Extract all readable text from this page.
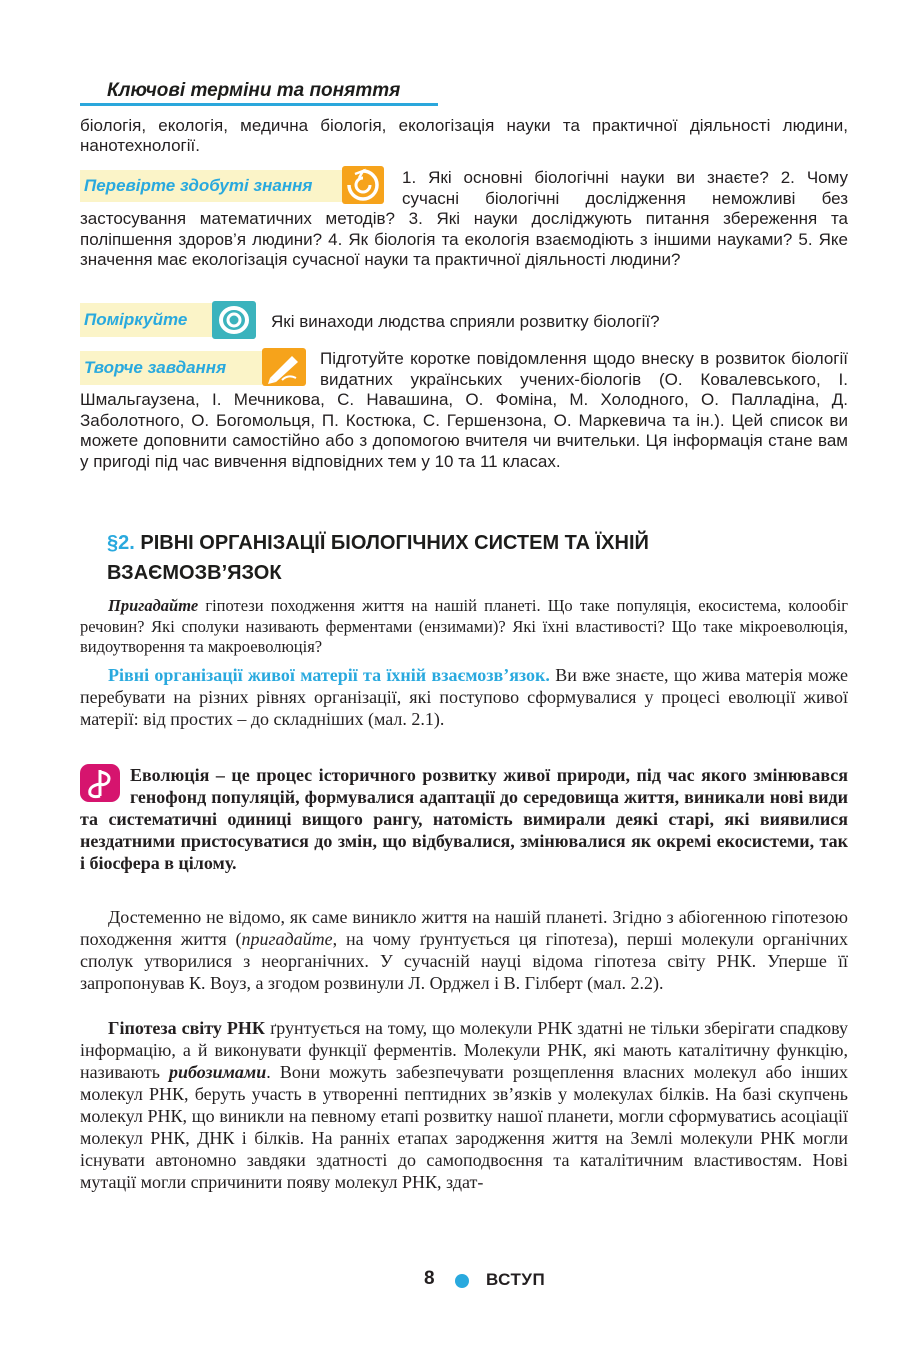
Ключові терміни та поняття
біологія, екологія, медична біологія, екологізація науки та практичної діяльності людини, нанотехнології.
Перевірте здобуті знання	1. Які основні біологічні науки ви знаєте? 2. Чому сучасні біологічні дослідження неможливі без застосування математичних методів? 3. Які науки досліджують питання збереження та поліпшення здоров’я людини? 4. Як біологія та екологія взаємодіють з іншими науками? 5. Яке значення має екологізація сучасної науки та практичної діяльності людини?
Поміркуйте	Які винаходи людства сприяли розвитку біології?
Творче завдання	Підготуйте коротке повідомлення щодо внеску в розвиток біології видатних українських учених-біологів (О. Ковалевського, І. Шмальгаузена, І. Мечникова, С. Навашина, О. Фоміна, М. Холодного, О. Палладіна, Д. Заболотного, О. Богомольця, П. Костюка, С. Гершензона, О. Маркевича та ін.). Цей список ви можете доповнити самостійно або з допомогою вчителя чи вчительки. Ця інформація стане вам у пригоді під час вивчення відповідних тем у 10 та 11 класах.
§2. РІВНІ ОРГАНІЗАЦІЇ БІОЛОГІЧНИХ СИСТЕМ ТА ЇХНІЙ
ВЗАЄМОЗВ’ЯЗОК
Пригадайте гіпотези походження життя на нашій планеті. Що таке популяція, екосистема, колообіг речовин? Які сполуки називають ферментами (ензимами)? Які їхні властивості? Що таке мікроеволюція, видоутворення та макроеволюція?
Рівні організації живої матерії та їхній взаємозв’язок. Ви вже знаєте, що жива матерія може перебувати на різних рівнях організації, які поступово сформувалися у процесі еволюції живої матерії: від простих – до складніших (мал. 2.1).
Еволюція – це процес історичного розвитку живої природи, під час якого змінювався генофонд популяцій, формувалися адаптації до середовища життя, виникали нові види та систематичні одиниці вищого рангу, натомість вимирали деякі старі, які виявилися нездатними пристосуватися до змін, що відбувалися, змінювалися як окремі екосистеми, так і біосфера в цілому.
Достеменно не відомо, як саме виникло життя на нашій планеті. Згідно з абіогенною гіпотезою походження життя (пригадайте, на чому ґрунтується ця гіпотеза), перші молекули органічних сполук утворилися з неорганічних. У сучасній науці відома гіпотеза світу РНК. Уперше її запропонував К. Воуз, а згодом розвинули Л. Орджел і В. Гілберт (мал. 2.2).
Гіпотеза світу РНК ґрунтується на тому, що молекули РНК здатні не тільки зберігати спадкову інформацію, а й виконувати функції ферментів. Молекули РНК, які мають каталітичну функцію, називають рибозимами. Вони можуть забезпечувати розщеплення власних молекул або інших молекул РНК, беруть участь в утворенні пептидних зв’язків у молекулах білків. На базі скупчень молекул РНК, що виникли на певному етапі розвитку нашої планети, могли сформуватись асоціації молекул РНК, ДНК і білків. На ранніх етапах зародження життя на Землі молекули РНК могли існувати автономно завдяки здатності до самоподвоєння та каталітичним властивостям. Нові мутації могли спричинити появу молекул РНК, здат-
8	ВСТУП
